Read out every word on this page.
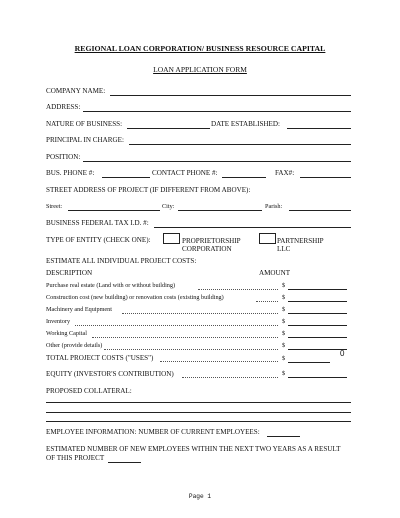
REGIONAL LOAN CORPORATION/ BUSINESS RESOURCE CAPITAL
LOAN APPLICATION FORM
COMPANY NAME:
ADDRESS:
NATURE OF BUSINESS:	DATE ESTABLISHED:
PRINCIPAL IN CHARGE:
POSITION:
BUS. PHONE #:	CONTACT PHONE #:	FAX#:
STREET ADDRESS OF PROJECT (IF DIFFERENT FROM ABOVE):
Street:	City:	Parish:
BUSINESS FEDERAL TAX I.D. #:
TYPE OF ENTITY (CHECK ONE):	PROPRIETORSHIP
CORPORATION
PARTNERSHIP
LLC
ESTIMATE ALL INDIVIDUAL PROJECT COSTS:
DESCRIPTION	AMOUNT
Purchase real estate (Land with or without building)	$
Construction cost (new building) or renovation costs (existing building)	$
Machinery and Equipment	$
Inventory	$
Working Capital	$
Other (provide details)	$
TOTAL PROJECT COSTS ("USES")	$
0
EQUITY (INVESTOR'S CONTRIBUTION)	$
PROPOSED COLLATERAL:
EMPLOYEE INFORMATION: NUMBER OF CURRENT EMPLOYEES:
ESTIMATED NUMBER OF NEW EMPLOYEES WITHIN THE NEXT TWO YEARS AS A RESULT
OF THIS PROJECT
Page 1
